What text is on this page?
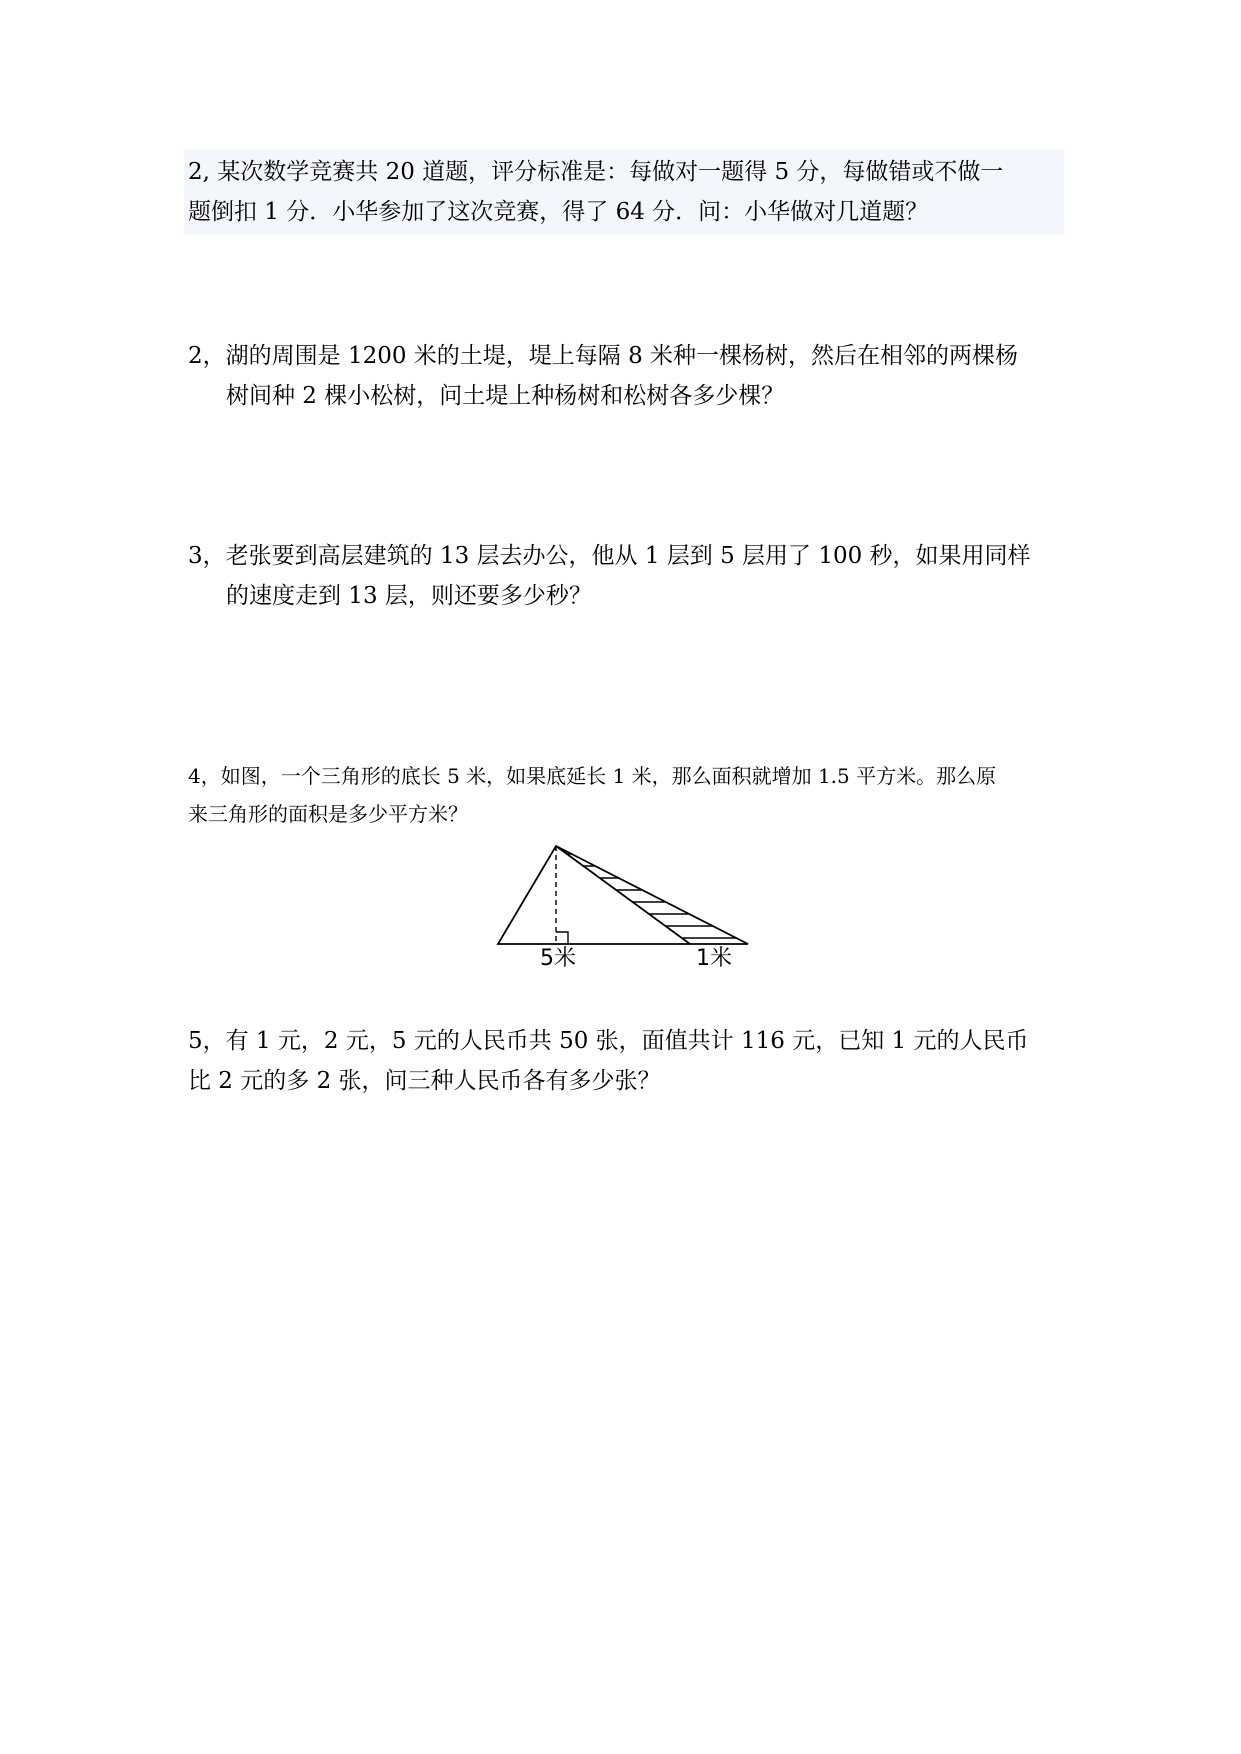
2, 某次数学竞赛共 20 道题，评分标准是：每做对一题得 5 分，每做错或不做一
题倒扣 1 分．小华参加了这次竞赛，得了 64 分．问：小华做对几道题？
2，湖的周围是 1200 米的土堤，堤上每隔 8 米种一棵杨树，然后在相邻的两棵杨
树间种 2 棵小松树，问土堤上种杨树和松树各多少棵？
3，老张要到高层建筑的 13 层去办公，他从 1 层到 5 层用了 100 秒，如果用同样
的速度走到 13 层，则还要多少秒？
4，如图，一个三角形的底长 5 米，如果底延长 1 米，那么面积就增加 1.5 平方米。那么原
来三角形的面积是多少平方米？
5米	1米
5，有 1 元，2 元，5 元的人民币共 50 张，面值共计 116 元，已知 1 元的人民币
比 2 元的多 2 张，问三种人民币各有多少张？
